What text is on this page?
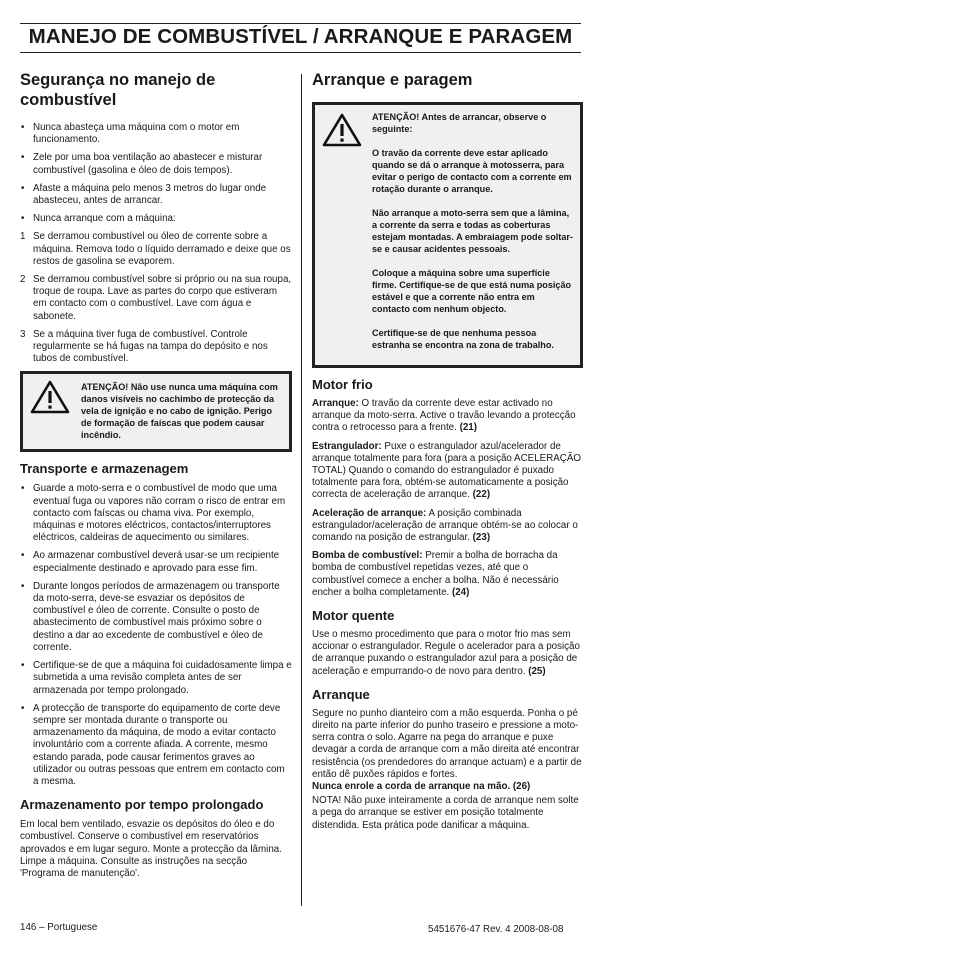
MANEJO DE COMBUSTÍVEL / ARRANQUE E PARAGEM
Segurança no manejo de combustível
• Nunca abasteça uma máquina com o motor em funcionamento.
• Zele por uma boa ventilação ao abastecer e misturar combustível (gasolina e óleo de dois tempos).
• Afaste a máquina pelo menos 3 metros do lugar onde abasteceu, antes de arrancar.
• Nunca arranque com a máquina:
1 Se derramou combustível ou óleo de corrente sobre a máquina. Remova todo o líquido derramado e deixe que os restos de gasolina se evaporem.
2 Se derramou combustível sobre si próprio ou na sua roupa, troque de roupa. Lave as partes do corpo que estiveram em contacto com o combustível. Lave com água e sabonete.
3 Se a máquina tiver fuga de combustível. Controle regularmente se há fugas na tampa do depósito e nos tubos de combustível.
ATENÇÃO! Não use nunca uma máquina com danos visíveis no cachimbo de protecção da vela de ignição e no cabo de ignição. Perigo de formação de faíscas que podem causar incêndio.
Transporte e armazenagem
• Guarde a moto-serra e o combustível de modo que uma eventual fuga ou vapores não corram o risco de entrar em contacto com faíscas ou chama viva. Por exemplo, máquinas e motores eléctricos, contactos/interruptores eléctricos, caldeiras de aquecimento ou similares.
• Ao armazenar combustível deverá usar-se um recipiente especialmente destinado e aprovado para esse fim.
• Durante longos períodos de armazenagem ou transporte da moto-serra, deve-se esvaziar os depósitos de combustível e óleo de corrente. Consulte o posto de abastecimento de combustível mais próximo sobre o destino a dar ao excedente de combustível e óleo de corrente.
• Certifique-se de que a máquina foi cuidadosamente limpa e submetida a uma revisão completa antes de ser armazenada por tempo prolongado.
• A protecção de transporte do equipamento de corte deve sempre ser montada durante o transporte ou armazenamento da máquina, de modo a evitar contacto involuntário com a corrente afiada. A corrente, mesmo estando parada, pode causar ferimentos graves ao utilizador ou outras pessoas que entrem em contacto com a mesma.
Armazenamento por tempo prolongado

Em local bem ventilado, esvazie os depósitos do óleo e do combustível. Conserve o combustível em reservatórios aprovados e em lugar seguro. Monte a protecção da lâmina. Limpe a máquina. Consulte as instruções na secção 'Programa de manutenção'.

Arranque e paragem

ATENÇÃO! Antes de arrancar, observe o seguinte:

O travão da corrente deve estar aplicado quando se dá o arranque à motosserra, para evitar o perigo de contacto com a corrente em rotação durante o arranque.

Não arranque a moto-serra sem que a lâmina, a corrente da serra e todas as coberturas estejam montadas. A embraiagem pode soltar-se e causar acidentes pessoais.

Coloque a máquina sobre uma superfície firme. Certifique-se de que está numa posição estável e que a corrente não entra em contacto com nenhum objecto.

Certifique-se de que nenhuma pessoa estranha se encontra na zona de trabalho.

Motor frio

Arranque: O travão da corrente deve estar activado no arranque da moto-serra. Active o travão levando a protecção contra o retrocesso para a frente. (21)

Estrangulador: Puxe o estrangulador azul/acelerador de arranque totalmente para fora (para a posição ACELERAÇÃO TOTAL) Quando o comando do estrangulador é puxado totalmente para fora, obtém-se automaticamente a posição correcta de aceleração de arranque. (22)

Aceleração de arranque: A posição combinada estrangulador/aceleração de arranque obtém-se ao colocar o comando na posição de estrangular. (23)

Bomba de combustível: Premir a bolha de borracha da bomba de combustível repetidas vezes, até que o combustível comece a encher a bolha. Não é necessário encher a bolha completamente. (24)

Motor quente

Use o mesmo procedimento que para o motor frio mas sem accionar o estrangulador. Regule o acelerador para a posição de arranque puxando o estrangulador azul para a posição de aceleração e empurrando-o de novo para dentro. (25)

Arranque

Segure no punho dianteiro com a mão esquerda. Ponha o pé direito na parte inferior do punho traseiro e pressione a moto-serra contra o solo. Agarre na pega do arranque e puxe devagar a corda de arranque com a mão direita até encontrar resistência (os prendedores do arranque actuam) e a partir de então dê puxões rápidos e fortes.
Nunca enrole a corda de arranque na mão. (26)

NOTA! Não puxe inteiramente a corda de arranque nem solte a pega do arranque se estiver em posição totalmente distendida. Esta prática pode danificar a máquina.

146 – Portuguese	5451676-47 Rev. 4 2008-08-08
